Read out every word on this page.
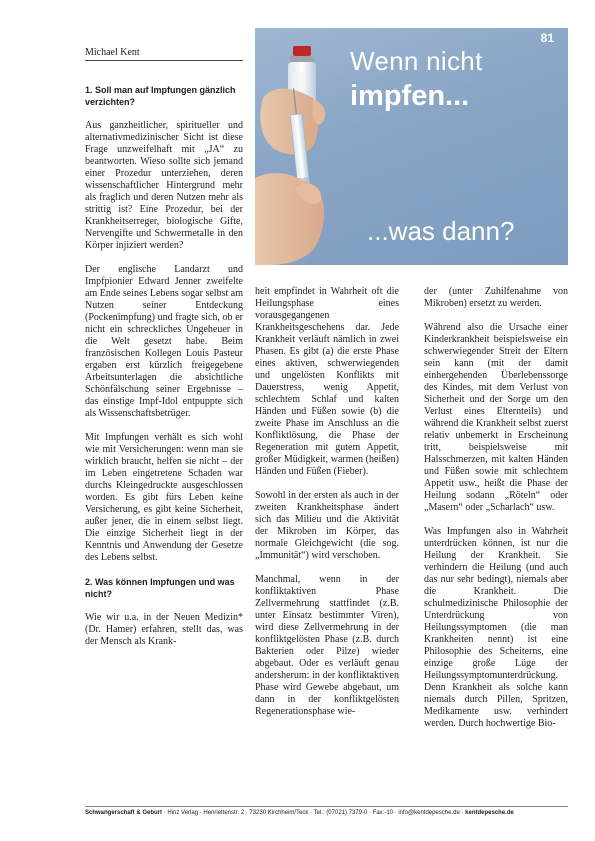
Michael Kent
81
Wenn nicht
impfen...
...was dann?
1. Soll man auf Impfungen gänzlich verzichten?

Aus ganzheitlicher, spiritueller und alternativmedizinischer Sicht ist diese Frage unzweifelhaft mit „JA“ zu beantworten. Wieso sollte sich jemand einer Prozedur unterziehen, deren wissenschaftlicher Hintergrund mehr als fraglich und deren Nutzen mehr als strittig ist? Eine Prozedur, bei der Krankheitserreger, biologische Gifte, Nervengifte und Schwermetalle in den Körper injiziert werden?

Der englische Landarzt und Impfpionier Edward Jenner zweifelte am Ende seines Lebens sogar selbst am Nutzen seiner Entdeckung (Pockenimpfung) und fragte sich, ob er nicht ein schreckliches Ungeheuer in die Welt gesetzt habe. Beim französischen Kollegen Louis Pasteur ergaben erst kürzlich freigegebene Arbeitsunterlagen die absichtliche Schönfälschung seiner Ergebnisse – das einstige Impf-Idol entpuppte sich als Wissenschaftsbetrüger.

Mit Impfungen verhält es sich wohl wie mit Versicherungen: wenn man sie wirklich braucht, helfen sie nicht – der im Leben eingetretene Schaden war durchs Kleingedruckte ausgeschlossen worden. Es gibt fürs Leben keine Versicherung, es gibt keine Sicherheit, außer jener, die in einem selbst liegt. Die einzige Sicherheit liegt in der Kenntnis und Anwendung der Gesetze des Lebens selbst.

2. Was können Impfungen und was nicht?

Wie wir u.a. in der Neuen Medizin* (Dr. Hamer) erfahren, stellt das, was der Mensch als Krank-

heit empfindet in Wahrheit oft die Heilungsphase eines vorausgegangenen Krankheitsgeschehens dar. Jede Krankheit verläuft nämlich in zwei Phasen. Es gibt (a) die erste Phase eines aktiven, schwerwiegenden und ungelösten Konflikts mit Dauerstress, wenig Appetit, schlechtem Schlaf und kalten Händen und Füßen sowie (b) die zweite Phase im Anschluss an die Konfliktlösung, die Phase der Regeneration mit gutem Appetit, großer Müdigkeit, warmen (heißen) Händen und Füßen (Fieber).

Sowohl in der ersten als auch in der zweiten Krankheitsphase ändert sich das Milieu und die Aktivität der Mikroben im Körper, das normale Gleichgewicht (die sog. „Immunität“) wird verschoben.

Manchmal, wenn in der konfliktaktiven Phase Zellvermehrung stattfindet (z.B. unter Einsatz bestimmter Viren), wird diese Zellvermehrung in der konfliktgelösten Phase (z.B. durch Bakterien oder Pilze) wieder abgebaut. Oder es verläuft genau andersherum: in der konfliktaktiven Phase wird Gewebe abgebaut, um dann in der konfliktgelösten Regenerationsphase wie-

der (unter Zuhilfenahme von Mikroben) ersetzt zu werden.

Während also die Ursache einer Kinderkrankheit beispielsweise ein schwerwiegender Streit der Eltern sein kann (mit der damit einhergehenden Überlebenssorge des Kindes, mit dem Verlust von Sicherheit und der Sorge um den Verlust eines Elternteils) und während die Krankheit selbst zuerst relativ unbemerkt in Erscheinung tritt, beispielsweise mit Halsschmerzen, mit kalten Händen und Füßen sowie mit schlechtem Appetit usw., heißt die Phase der Heilung sodann „Röteln“ oder „Masern“ oder „Scharlach“ usw.

Was Impfungen also in Wahrheit unterdrücken können, ist nur die Heilung der Krankheit. Sie verhindern die Heilung (und auch das nur sehr bedingt), niemals aber die Krankheit. Die schulmedizinische Philosophie der Unterdrückung von Heilungssymptomen (die man Krankheiten nennt) ist eine Philosophie des Scheiterns, eine einzige große Lüge der Heilungssymptomunterdrückung. Denn Krankheit als solche kann niemals durch Pillen, Spritzen, Medikamente usw. verhindert werden. Durch hochwertige Bio-

Schwangerschaft & Geburt · Hinz Verlag · Henriettenstr. 2 · 73230 Kirchheim/Teck · Tel.: (07021) 7379-0 · Fax:-10 · info@kentdepesche.de · kentdepesche.de
